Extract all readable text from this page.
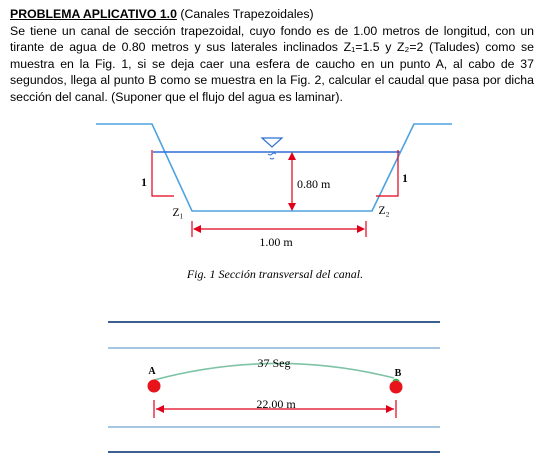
PROBLEMA APLICATIVO 1.0 (Canales Trapezoidales)

Se tiene un canal de sección trapezoidal, cuyo fondo es de 1.00 metros de longitud, con un tirante de agua de 0.80 metros y sus laterales inclinados Z₁=1.5 y Z₂=2 (Taludes) como se muestra en la Fig. 1, si se deja caer una esfera de caucho en un punto A, al cabo de 37 segundos, llega al punto B como se muestra en la Fig. 2, calcular el caudal que pasa por dicha sección del canal. (Suponer que el flujo del agua es laminar).

1
Z₁
1
Z₂
0.80 m
1.00 m
Fig. 1 Sección transversal del canal.
37 Seg
A	B
22.00 m
